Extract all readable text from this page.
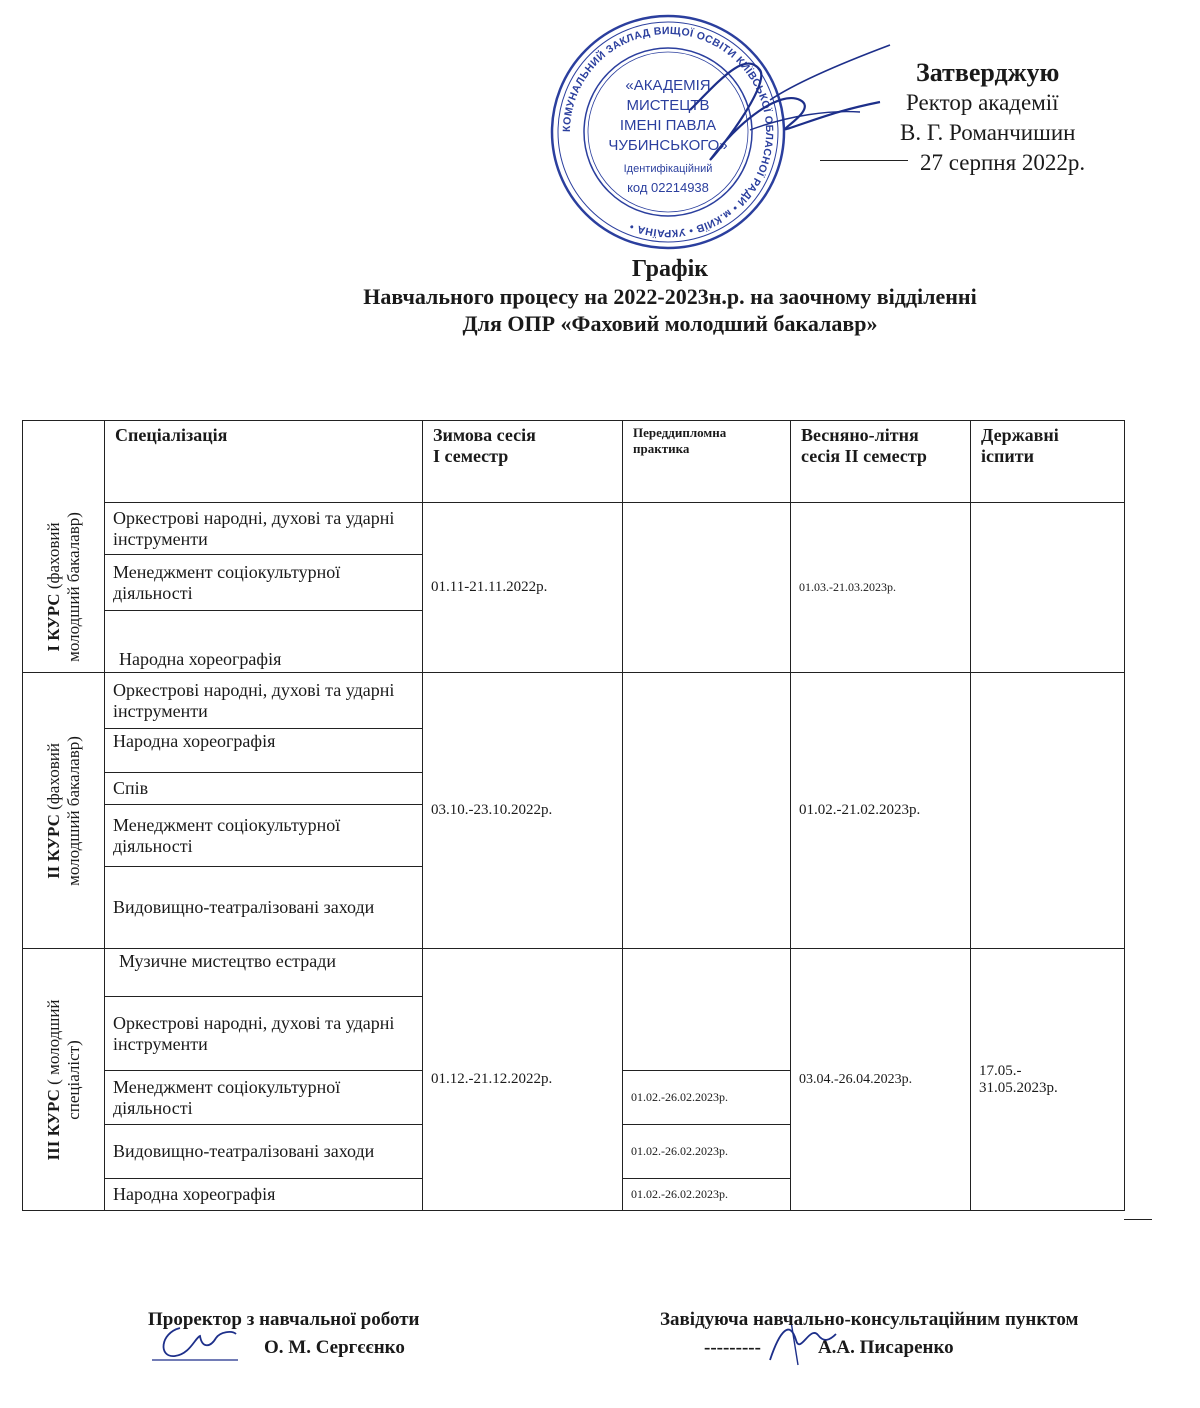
КОМУНАЛЬНИЙ ЗАКЛАД ВИЩОЇ ОСВІТИ КИЇВСЬКОЇ ОБЛАСНОЇ РАДИ • м.КИЇВ • УКРАЇНА •
«АКАДЕМІЯ
МИСТЕЦТВ
ІМЕНІ ПАВЛА
ЧУБИНСЬКОГО»
Ідентифікаційний
код 02214938
Затверджую
Ректор академії
В. Г. Романчишин
27 серпня 2022р.
Графік
Навчального процесу на 2022-2023н.р. на заочному відділенні
Для ОПР «Фаховий молодший бакалавр»
	Спеціалізація	Зимова сесія
I семестр	Переддипломна практика	Весняно-літня сесія II семестр	Державні іспити

I КУРС (фаховий
молодший бакалавр)	Оркестрові народні, духові та ударні інструменти	01.11-21.11.2022р.		01.03.-21.03.2023р.	
	Менеджмент соціокультурної діяльності				
	Народна хореографія				

II КУРС (фаховий
молодший бакалавр)	Оркестрові народні, духові та ударні інструменти	03.10.-23.10.2022р.		01.02.-21.02.2023р.	
	Народна хореографія				
	Спів				
	Менеджмент соціокультурної діяльності				
	Видовищно-театралізовані заходи				

III КУРС ( молодший
спеціаліст)	Музичне мистецтво естради	01.12.-21.12.2022р.		03.04.-26.04.2023р.	17.05.-
31.05.2023р.
	Оркестрові народні, духові та ударні інструменти				
	Менеджмент соціокультурної діяльності		01.02.-26.02.2023р.		
	Видовищно-театралізовані заходи		01.02.-26.02.2023р.		
	Народна хореографія		01.02.-26.02.2023р.		
Проректор з навчальної роботи
О. М. Сергєєнко
Завідуюча навчально-консультаційним пунктом
---------	А.А. Писаренко
